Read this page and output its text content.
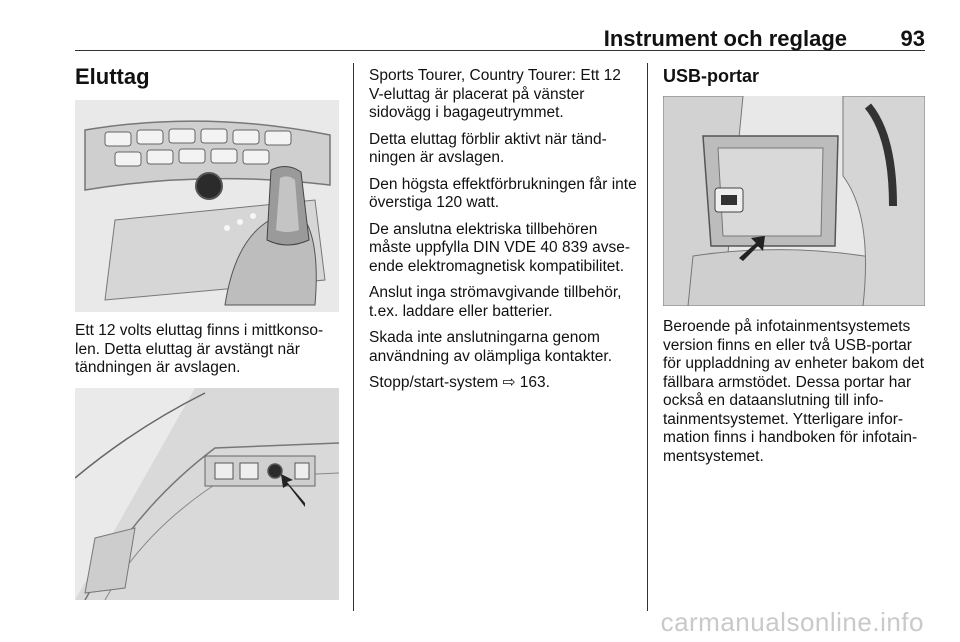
Instrument och reglage 93
Eluttag

Ett 12 volts eluttag finns i mittkonso-len. Detta eluttag är avstängt när tändningen är avslagen.

Sports Tourer, Country Tourer: Ett 12 V-eluttag är placerat på vänster sidovägg i bagageutrymmet.

Detta eluttag förblir aktivt när tänd-ningen är avslagen.

Den högsta effektförbrukningen får inte överstiga 120 watt.

De anslutna elektriska tillbehören måste uppfylla DIN VDE 40 839 avse-ende elektromagnetisk kompatibilitet.

Anslut inga strömavgivande tillbehör, t.ex. laddare eller batterier.

Skada inte anslutningarna genom användning av olämpliga kontakter.

Stopp/start-system ⇨ 163.

USB-portar

Beroende på infotainmentsystemets version finns en eller två USB-portar för uppladdning av enheter bakom det fällbara armstödet. Dessa portar har också en dataanslutning till info-tainmentsystemet. Ytterligare infor-mation finns i handboken för infotain-mentsystemet.

carmanualsonline.info
